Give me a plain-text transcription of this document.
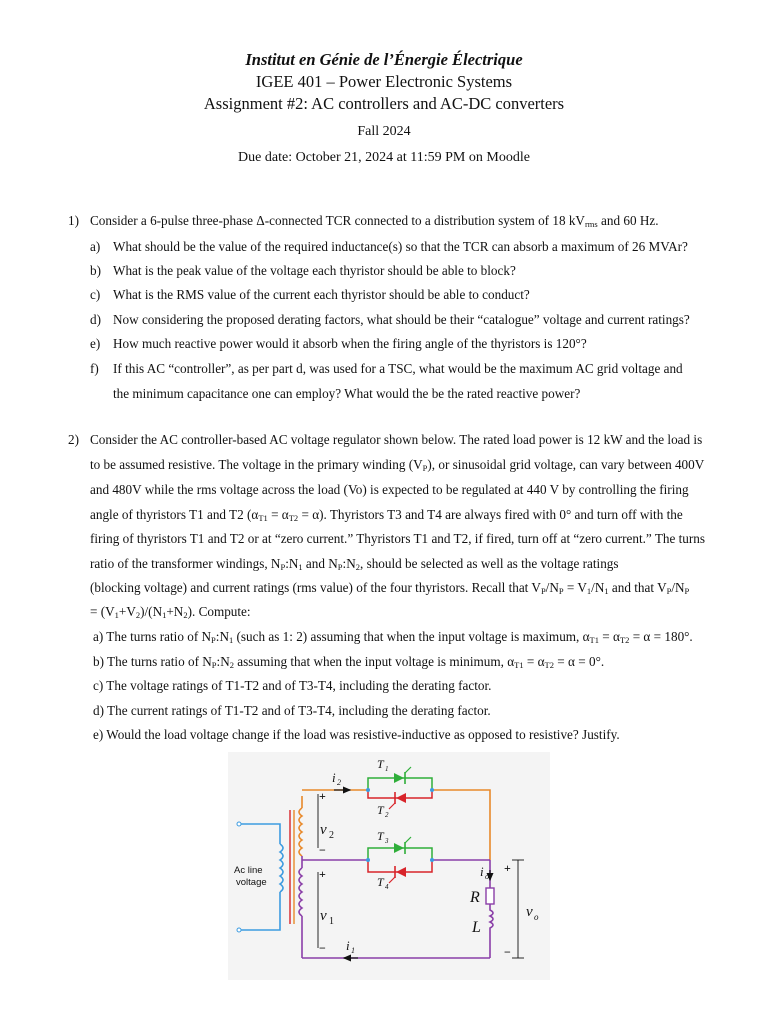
Institut en Génie de l’Énergie Électrique
IGEE 401 – Power Electronic Systems
Assignment #2: AC controllers and AC-DC converters
Fall 2024
Due date: October 21, 2024 at 11:59 PM on Moodle
1) Consider a 6-pulse three-phase Δ-connected TCR connected to a distribution system of 18 $kV_{rms}$ and 60 Hz.
a) What should be the value of the required inductance(s) so that the TCR can absorb a maximum of 26 MVAr?
b) What is the peak value of the voltage each thyristor should be able to block?
c) What is the RMS value of the current each thyristor should be able to conduct?
d) Now considering the proposed derating factors, what should be their “catalogue” voltage and current ratings?
e) How much reactive power would it absorb when the firing angle of the thyristors is 120°?
f) If this AC “controller”, as per part d, was used for a TSC, what would be the maximum AC grid voltage and
the minimum capacitance one can employ? What would the be the rated reactive power?
2) Consider the AC controller-based AC voltage regulator shown below. The rated load power is 12 kW and the load is
to be assumed resistive. The voltage in the primary winding $(V_P)$, or sinusoidal grid voltage, can vary between 400V
and 480V while the rms voltage across the load (Vo) is expected to be regulated at 440 V by controlling the firing
angle of thyristors T1 and T2 $(\alpha_{T1} = \alpha_{T2} = \alpha)$. Thyristors T3 and T4 are always fired with 0° and turn off with the
firing of thyristors T1 and T2 or at “zero current.” Thyristors T1 and T2, if fired, turn off at “zero current.” The turns
ratio of the transformer windings, $N_P:N_1$ and $N_P:N_2$, should be selected as well as the voltage ratings
(blocking voltage) and current ratings (rms value) of the four thyristors. Recall that $V_P/N_P = V_1/N_1$ and that $V_P/N_P$
= $(V_1+V_2)/(N_1+N_2)$. Compute:
a) The turns ratio of $N_P:N_1$ (such as 1: 2) assuming that when the input voltage is maximum, $\alpha_{T1} = \alpha_{T2} = \alpha = 180^\circ$.
b) The turns ratio of $N_P:N_2$ assuming that when the input voltage is minimum, $\alpha_{T1} = \alpha_{T2} = \alpha = 0^\circ$.
c) The voltage ratings of T1-T2 and of T3-T4, including the derating factor.
d) The current ratings of T1-T2 and of T3-T4, including the derating factor.
e) Would the load voltage change if the load was resistive-inductive as opposed to resistive? Justify.
Ac line
voltage
T 1
T 2
T 3
T 4
i 2
i 1
i o
v 2
v 1
v o
R
L
+
−
+
−
+
−
